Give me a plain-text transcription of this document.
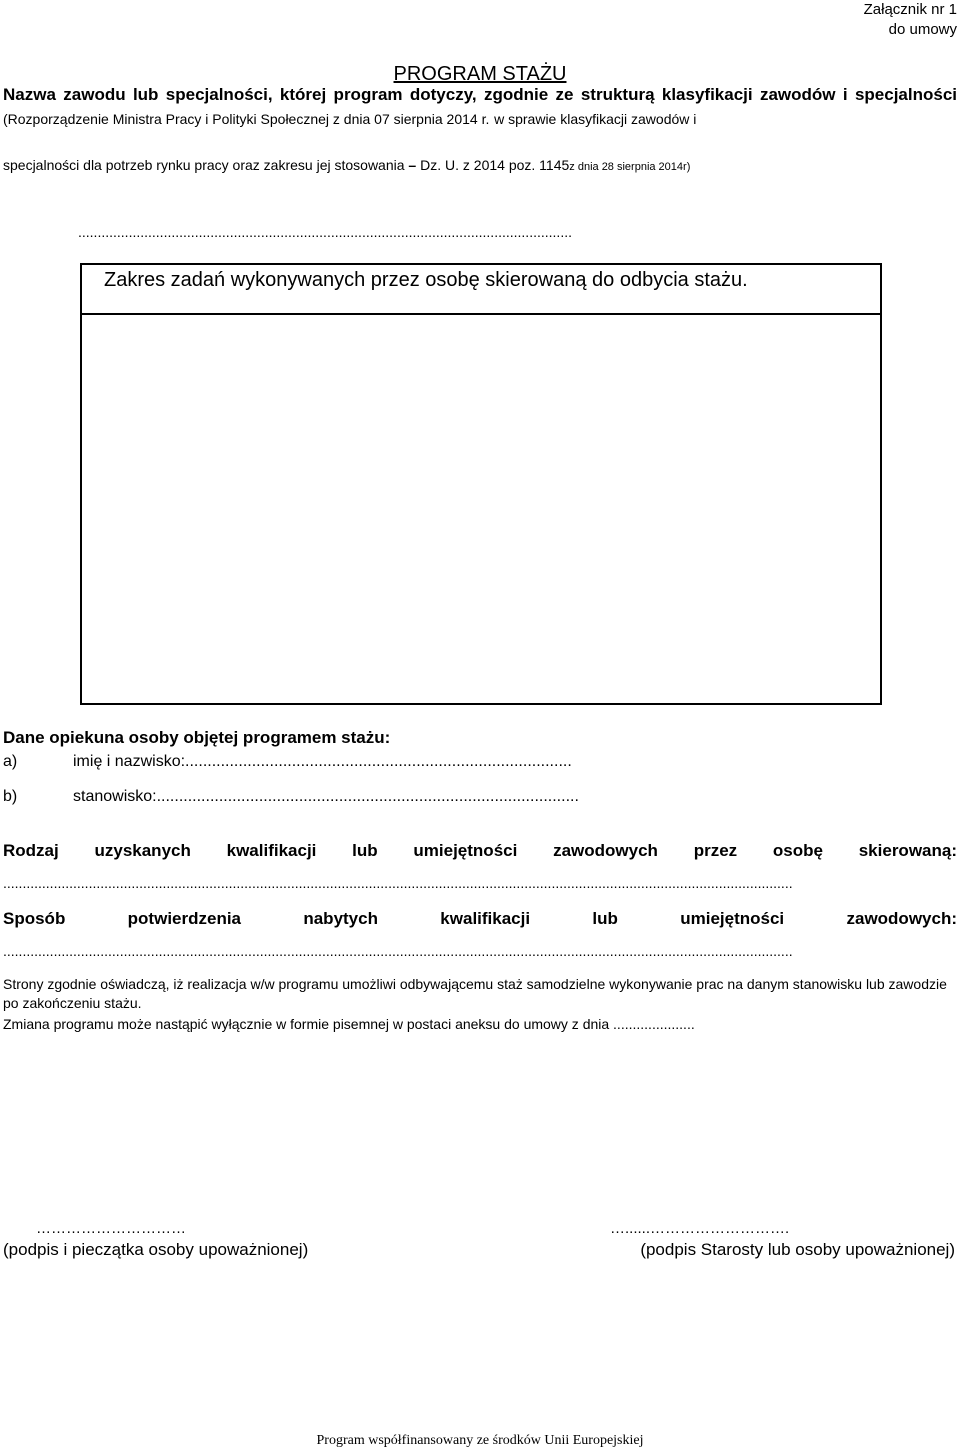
Załącznik nr 1
do umowy
PROGRAM STAŻU
Nazwa zawodu lub specjalności, której program dotyczy, zgodnie ze strukturą klasyfikacji zawodów i specjalności (Rozporządzenie Ministra Pracy i Polityki Społecznej z dnia 07 sierpnia 2014 r. w sprawie klasyfikacji zawodów i
specjalności dla potrzeb rynku pracy oraz zakresu jej stosowania – Dz. U. z 2014 poz. 1145z dnia 28 sierpnia 2014r)
...............................................................................................................................
Zakres zadań wykonywanych przez osobę skierowaną do odbycia stażu.
Dane opiekuna osoby objętej programem stażu:
a)	imię i nazwisko:.......................................................................................
b)	stanowisko:...............................................................................................
Rodzaj uzyskanych kwalifikacji lub umiejętności zawodowych przez osobę skierowaną:
...........................................................................................................................................................................................................
Sposób potwierdzenia nabytych kwalifikacji lub umiejętności zawodowych:
...........................................................................................................................................................................................................
Strony zgodnie oświadczą, iż realizacja w/w programu umożliwi odbywającemu staż samodzielne wykonywanie prac na danym stanowisku lub zawodzie po zakończeniu stażu.
Zmiana programu może nastąpić wyłącznie w formie pisemnej w postaci aneksu do umowy z dnia .....................
…………………………
(podpis i pieczątka osoby upoważnionej)
…......……………………….
(podpis Starosty lub osoby upoważnionej)
Program współfinansowany ze środków Unii Europejskiej
